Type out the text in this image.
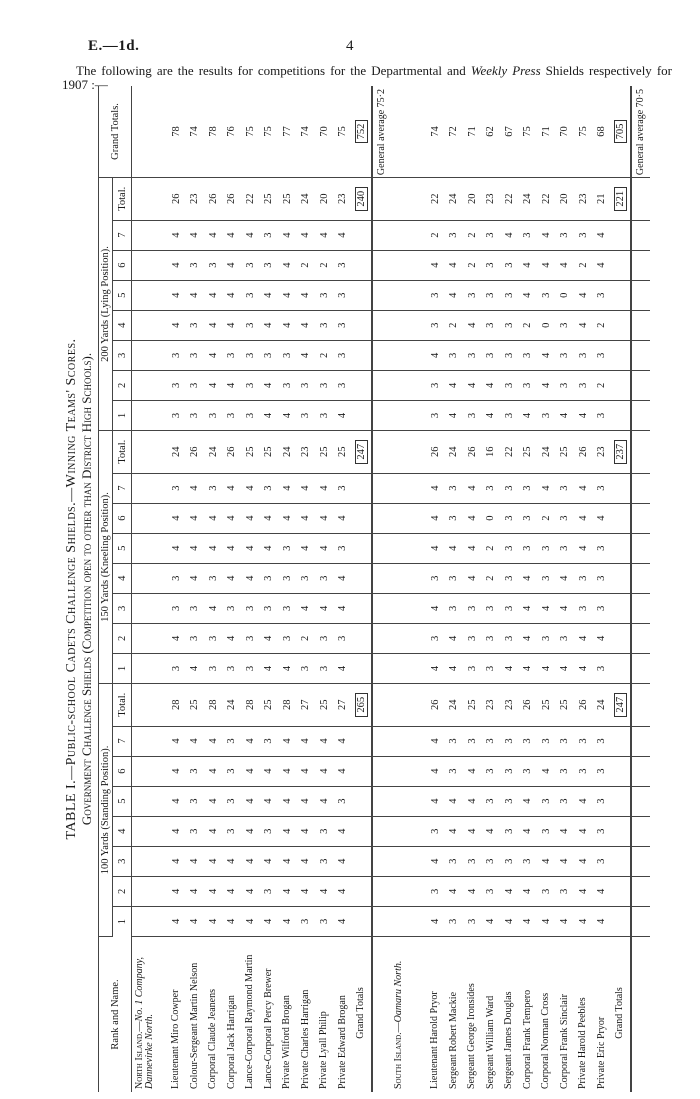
E.—1d.	4
The following are the results for competitions for the Departmental and Weekly Press Shields respectively for 1907 :—
TABLE I.—Public-school Cadets Challenge Shields.—Winning Teams' Scores. Government Challenge Shields (Competition open to other than District High Schools).
Rank and Name.	100 Yards (Standing Position).								150 Yards (Kneeling Position).								200 Yards (Lying Position).								Grand Totals.
	1	2	3	4	5	6	7	Total.	1	2	3	4	5	6	7	Total.	1	2	3	4	5	6	7	Total.	
North Island.—No. 1 Company, Dannevirke North.																									
Lieutenant Miro Cowper	4	4	4	4	4	4	4	28	3	4	3	3	4	4	3	24	3	3	3	4	4	4	4	26	78
Colour-Sergeant Martin Nelson	4	4	4	3	3	3	4	25	4	3	3	4	4	4	4	26	3	3	3	3	4	3	4	23	74
Corporal Claude Jeanens	4	4	4	4	4	4	4	28	3	3	4	3	4	4	3	24	3	4	4	4	4	3	4	26	78
Corporal Jack Harrigan	4	4	4	3	3	3	3	24	3	4	3	4	4	4	4	26	3	4	3	4	4	4	4	26	76
Lance-Corporal Raymond Martin	4	4	4	4	4	4	4	28	3	3	3	4	4	4	4	25	3	3	3	3	3	3	4	22	75
Lance-Corporal Percy Brewer	4	3	4	3	4	4	3	25	4	4	3	3	4	4	3	25	4	4	3	4	4	3	3	25	75
Private Wilford Brogan	4	4	4	4	4	4	4	28	4	3	3	3	3	4	4	24	4	3	3	4	4	4	4	25	77
Private Charles Harrigan	3	4	4	4	4	4	4	27	3	2	4	3	4	4	4	23	3	3	4	4	4	2	4	24	74
Private Lyall Philip	3	4	3	3	4	4	4	25	3	3	4	3	4	4	4	25	3	3	2	3	3	2	4	20	70
Private Edward Brogan	4	4	4	4	3	4	4	27	4	3	4	4	3	4	3	25	4	3	3	3	3	3	4	23	75
Grand Totals								265								247								240	752
																									General average 75·2
South Island.—Oamaru North.																									
Lieutenant Harold Pryor	4	3	4	3	4	4	4	26	4	3	4	3	4	4	4	26	3	3	4	3	3	4	2	22	74
Sergeant Robert Mackie	3	4	3	4	4	3	3	24	4	4	3	3	4	3	3	24	4	4	3	2	4	4	3	24	72
Sergeant George Ironsides	3	4	3	4	4	4	3	25	3	3	3	4	4	4	4	26	3	4	3	4	3	2	2	20	71
Sergeant William Ward	4	3	3	4	3	3	3	23	3	3	3	2	2	0	3	16	4	4	3	3	3	3	3	23	62
Sergeant James Douglas	4	4	3	3	3	3	3	23	4	3	3	3	3	3	3	22	3	3	3	3	3	3	4	22	67
Corporal Frank Tempero	4	4	3	4	4	3	3	26	4	4	4	4	3	3	3	25	4	3	3	2	4	4	3	24	75
Corporal Norman Cross	4	3	4	3	3	4	3	25	4	3	4	3	3	2	4	24	3	4	4	0	3	4	4	22	71
Corporal Frank Sinclair	4	3	4	4	3	3	3	25	4	3	4	4	3	3	3	25	4	3	3	3	0	4	3	20	70
Private Harold Peebles	4	4	4	4	4	3	3	26	4	4	3	3	4	4	4	26	4	3	3	4	4	2	3	23	75
Private Eric Pryor	4	4	3	3	3	3	3	24	3	4	3	3	3	4	3	23	3	2	3	2	3	4	4	21	68
Grand Totals								247								237								221	705
																									General average 70·5
